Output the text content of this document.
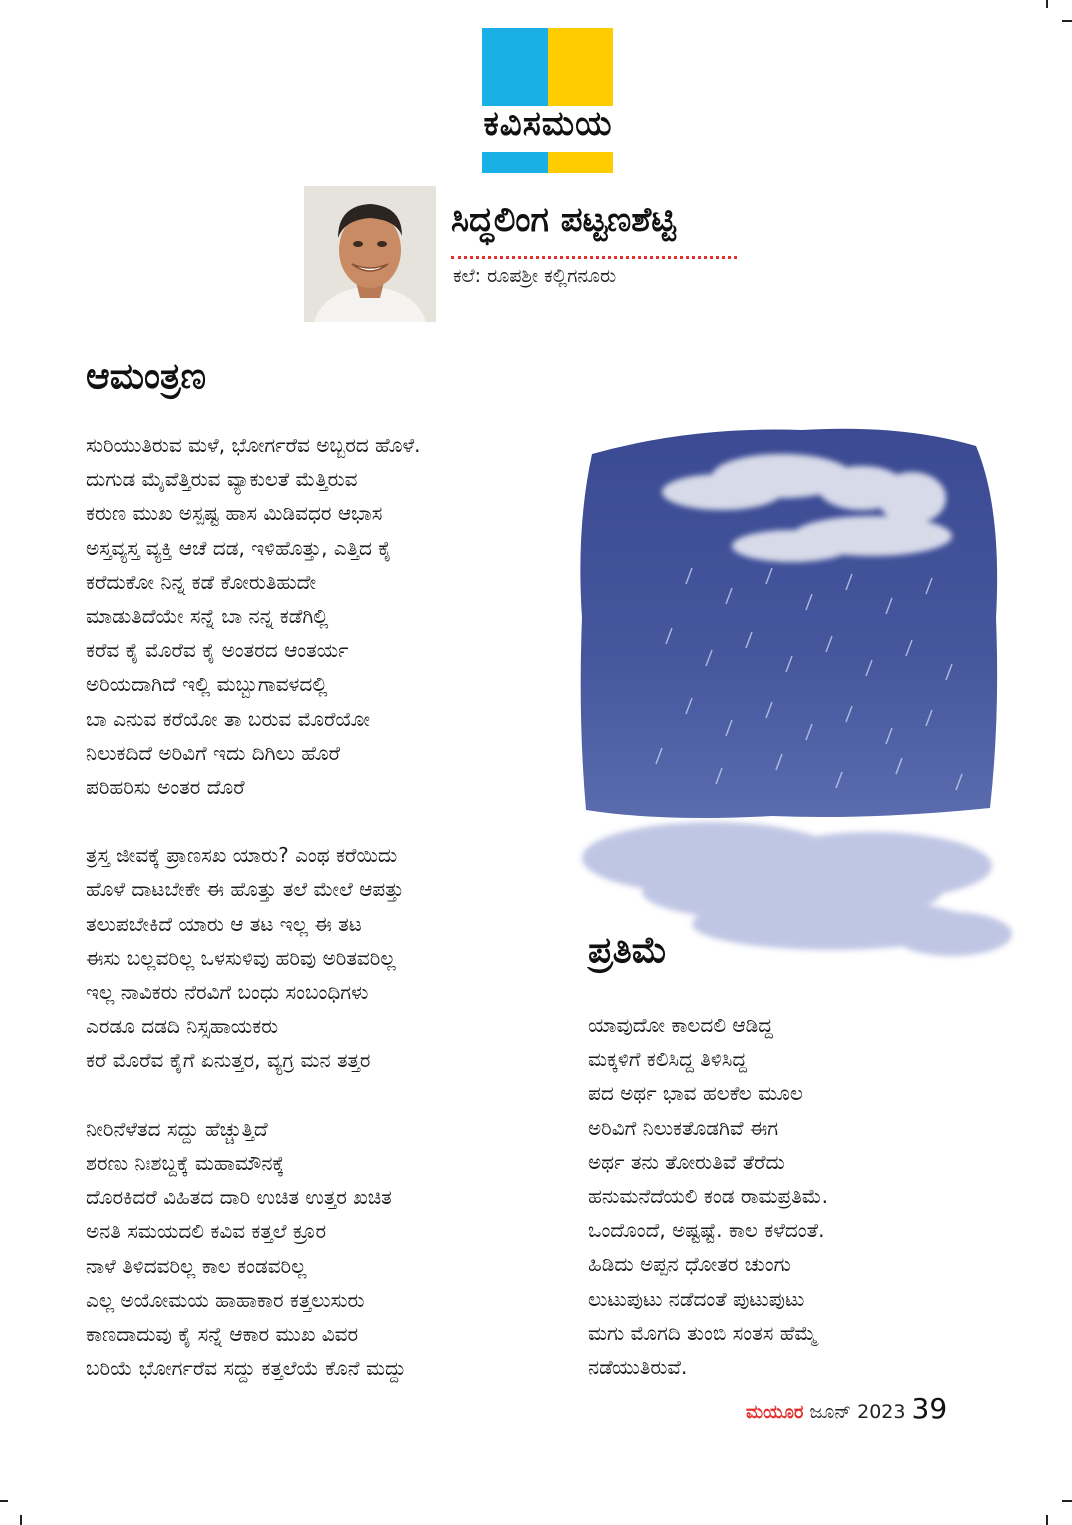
ಕವಿಸಮಯ
ಸಿದ್ಧಲಿಂಗ ಪಟ್ಟಣಶೆಟ್ಟಿ
ಕಲೆ: ರೂಪಶ್ರೀ ಕಲ್ಲಿಗನೂರು
ಆಮಂತ್ರಣ
ಸುರಿಯುತಿರುವ ಮಳೆ, ಭೋರ್ಗರೆವ ಅಬ್ಬರದ ಹೊಳೆ.
ದುಗುಡ ಮೈವೆತ್ತಿರುವ ವ್ಯಾಕುಲತೆ ಮೆತ್ತಿರುವ
ಕರುಣ ಮುಖ ಅಸ್ಪಷ್ಟ ಹಾಸ ಮಿಡಿವಧರ ಆಭಾಸ
ಅಸ್ತವ್ಯಸ್ತ ವ್ಯಕ್ತಿ ಆಚೆ ದಡ, ಇಳಿಹೊತ್ತು, ಎತ್ತಿದ ಕೈ
ಕರೆದುಕೋ ನಿನ್ನ ಕಡೆ ಕೋರುತಿಹುದೇ
ಮಾಡುತಿದೆಯೇ ಸನ್ನೆ ಬಾ ನನ್ನ ಕಡೆಗಿಲ್ಲಿ
ಕರೆವ ಕೈ ಮೊರೆವ ಕೈ ಅಂತರದ ಆಂತರ್ಯ
ಅರಿಯದಾಗಿದೆ ಇಲ್ಲಿ ಮಬ್ಬುಗಾವಳದಲ್ಲಿ
ಬಾ ಎನುವ ಕರೆಯೋ ತಾ ಬರುವ ಮೊರೆಯೋ
ನಿಲುಕದಿದೆ ಅರಿವಿಗೆ ಇದು ದಿಗಿಲು ಹೊರೆ
ಪರಿಹರಿಸು ಅಂತರ ದೊರೆ
ತ್ರಸ್ತ ಜೀವಕ್ಕೆ ಪ್ರಾಣಸಖ ಯಾರು? ಎಂಥ ಕರೆಯಿದು
ಹೊಳೆ ದಾಟಬೇಕೇ ಈ ಹೊತ್ತು ತಲೆ ಮೇಲೆ ಆಪತ್ತು
ತಲುಪಬೇಕಿದೆ ಯಾರು ಆ ತಟ ಇಲ್ಲ ಈ ತಟ
ಈಸು ಬಲ್ಲವರಿಲ್ಲ ಒಳಸುಳಿವು ಹರಿವು ಅರಿತವರಿಲ್ಲ
ಇಲ್ಲ ನಾವಿಕರು ನೆರವಿಗೆ ಬಂಧು ಸಂಬಂಧಿಗಳು
ಎರಡೂ ದಡದಿ ನಿಸ್ಸಹಾಯಕರು
ಕರೆ ಮೊರೆವ ಕೈಗೆ ಏನುತ್ತರ, ವ್ಯಗ್ರ ಮನ ತತ್ತರ
ನೀರಿನೆಳೆತದ ಸದ್ದು ಹೆಚ್ಚುತ್ತಿದೆ
ಶರಣು ನಿಃಶಬ್ದಕ್ಕೆ ಮಹಾಮೌನಕ್ಕೆ
ದೊರಕಿದರೆ ವಿಹಿತದ ದಾರಿ ಉಚಿತ ಉತ್ತರ ಖಚಿತ
ಅನತಿ ಸಮಯದಲಿ ಕವಿವ ಕತ್ತಲೆ ಕ್ರೂರ
ನಾಳೆ ತಿಳಿದವರಿಲ್ಲ ಕಾಲ ಕಂಡವರಿಲ್ಲ
ಎಲ್ಲ ಅಯೋಮಯ ಹಾಹಾಕಾರ ಕತ್ತಲುಸುರು
ಕಾಣದಾದುವು ಕೈ ಸನ್ನೆ ಆಕಾರ ಮುಖ ವಿವರ
ಬರಿಯೆ ಭೋರ್ಗರೆವ ಸದ್ದು ಕತ್ತಲೆಯೆ ಕೊನೆ ಮದ್ದು
ಪ್ರತಿಮೆ
ಯಾವುದೋ ಕಾಲದಲಿ ಆಡಿದ್ದ
ಮಕ್ಕಳಿಗೆ ಕಲಿಸಿದ್ದ ತಿಳಿಸಿದ್ದ
ಪದ ಅರ್ಥ ಭಾವ ಹಲಕೆಲ ಮೂಲ
ಅರಿವಿಗೆ ನಿಲುಕತೊಡಗಿವೆ ಈಗ
ಅರ್ಥ ತನು ತೋರುತಿವೆ ತೆರೆದು
ಹನುಮನೆದೆಯಲಿ ಕಂಡ ರಾಮಪ್ರತಿಮೆ.
ಒಂದೊಂದೆ, ಅಷ್ಟಷ್ಟೆ. ಕಾಲ ಕಳೆದಂತೆ.
ಹಿಡಿದು ಅಪ್ಪನ ಧೋತರ ಚುಂಗು
ಲುಟುಪುಟು ನಡೆದಂತೆ ಪುಟುಪುಟು
ಮಗು ಮೊಗದಿ ತುಂಬಿ ಸಂತಸ ಹೆಮ್ಮೆ
ನಡೆಯುತಿರುವೆ.
ಮಯೂರ ಜೂನ್ 2023 39
